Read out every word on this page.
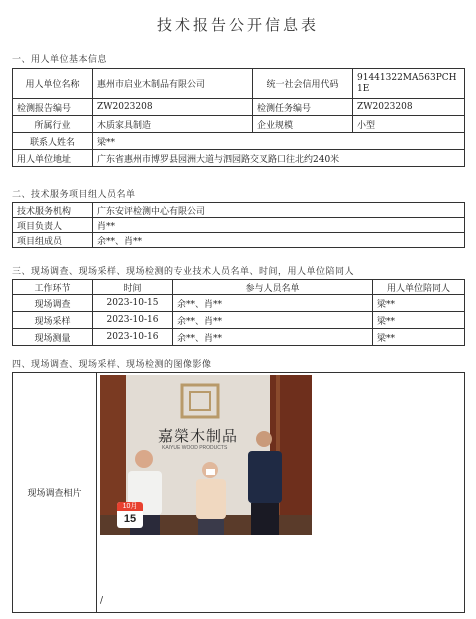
技术报告公开信息表
一、用人单位基本信息
用人单位名称	惠州市启业木制品有限公司	统一社会信用代码	91441322MA563PCH1E
检测报告编号	ZW2023208	检测任务编号	ZW2023208
所属行业	木质家具制造	企业规模	小型
联系人姓名	梁**		
用人单位地址	广东省惠州市博罗县园洲大道与泗园路交叉路口往北约240米		
二、技术服务项目组人员名单
技术服务机构	广东安评检测中心有限公司
项目负责人	肖**
项目组成员	余**、肖**
三、现场调查、现场采样、现场检测的专业技术人员名单、时间，用人单位陪同人
工作环节	时间	参与人员名单	用人单位陪同人
现场调查	2023-10-15	余**、肖**	梁**
现场采样	2023-10-16	余**、肖**	梁**
现场测量	2023-10-16	余**、肖**	梁**
四、现场调查、现场采样、现场检测的图像影像
现场调查相片	
嘉榮木制品
KAIYUE WOOD PRODUCTS
10月
15
/
